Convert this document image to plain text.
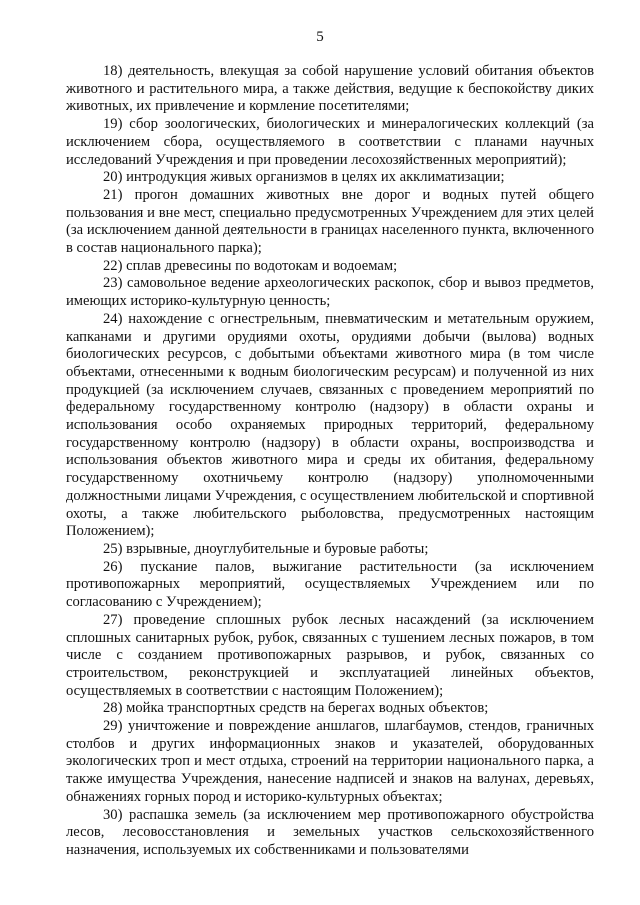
5

18) деятельность, влекущая за собой нарушение условий обитания объектов животного и растительного мира, а также действия, ведущие к беспокойству диких животных, их привлечение и кормление посетителями;

19) сбор зоологических, биологических и минералогических коллекций (за исключением сбора, осуществляемого в соответствии с планами научных исследований Учреждения и при проведении лесохозяйственных мероприятий);

20) интродукция живых организмов в целях их акклиматизации;

21) прогон домашних животных вне дорог и водных путей общего пользования и вне мест, специально предусмотренных Учреждением для этих целей (за исключением данной деятельности в границах населенного пункта, включенного в состав национального парка);

22) сплав древесины по водотокам и водоемам;

23) самовольное ведение археологических раскопок, сбор и вывоз предметов, имеющих историко-культурную ценность;

24) нахождение с огнестрельным, пневматическим и метательным оружием, капканами и другими орудиями охоты, орудиями добычи (вылова) водных биологических ресурсов, с добытыми объектами животного мира (в том числе объектами, отнесенными к водным биологическим ресурсам) и полученной из них продукцией (за исключением случаев, связанных с проведением мероприятий по федеральному государственному контролю (надзору) в области охраны и использования особо охраняемых природных территорий, федеральному государственному контролю (надзору) в области охраны, воспроизводства и использования объектов животного мира и среды их обитания, федеральному государственному охотничьему контролю (надзору) уполномоченными должностными лицами Учреждения, с осуществлением любительской и спортивной охоты, а также любительского рыболовства, предусмотренных настоящим Положением);

25) взрывные, дноуглубительные и буровые работы;

26) пускание палов, выжигание растительности (за исключением противопожарных мероприятий, осуществляемых Учреждением или по согласованию с Учреждением);

27) проведение сплошных рубок лесных насаждений (за исключением сплошных санитарных рубок, рубок, связанных с тушением лесных пожаров, в том числе с созданием противопожарных разрывов, и рубок, связанных со строительством, реконструкцией и эксплуатацией линейных объектов, осуществляемых в соответствии с настоящим Положением);

28) мойка транспортных средств на берегах водных объектов;

29) уничтожение и повреждение аншлагов, шлагбаумов, стендов, граничных столбов и других информационных знаков и указателей, оборудованных экологических троп и мест отдыха, строений на территории национального парка, а также имущества Учреждения, нанесение надписей и знаков на валунах, деревьях, обнажениях горных пород и историко-культурных объектах;

30) распашка земель (за исключением мер противопожарного обустройства лесов, лесовосстановления и земельных участков сельскохозяйственного назначения, используемых их собственниками и пользователями
